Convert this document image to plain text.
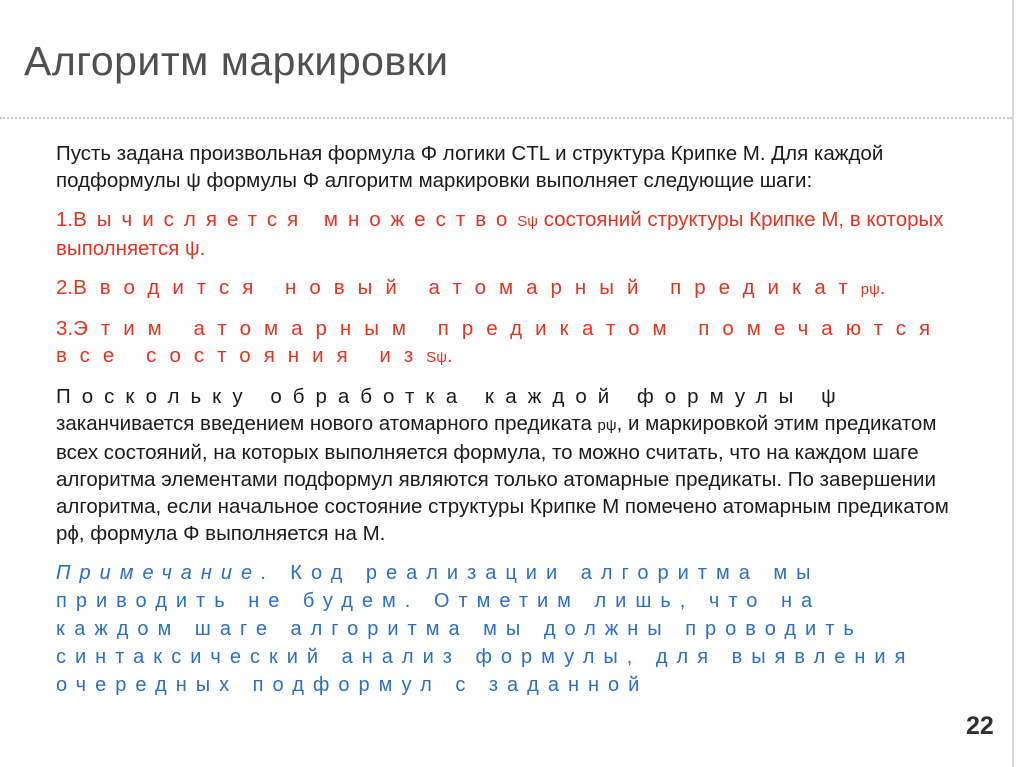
Алгоритм маркировки

Пусть задана произвольная формула Φ логики CTL и структура Крипке M. Для каждой подформулы ψ формулы Φ алгоритм маркировки выполняет следующие шаги:

1.Вычисляется множествоSψ состояний структуры Крипке M, в которых выполняется ψ.

2.Вводится новый атомарный предикатpψ.

3.Этим атомарным предикатом помечаются все состояния изSψ.

Поскольку обработка каждой формулы ψ
заканчивается введением нового атомарного предиката pψ, и маркировкой этим предикатом всех состояний, на которых выполняется формула, то можно считать, что на каждом шаге алгоритма элементами подформул являются только атомарные предикаты. По завершении алгоритма, если начальное состояние структуры Крипке M помечено атомарным предикатом pϕ, формула Φ выполняется на M.

Примечание. Код реализации алгоритма мы приводить не будем. Отметим лишь, что на каждом шаге алгоритма мы должны проводить синтаксический анализ формулы, для выявления очередных подформул с заданной

22
